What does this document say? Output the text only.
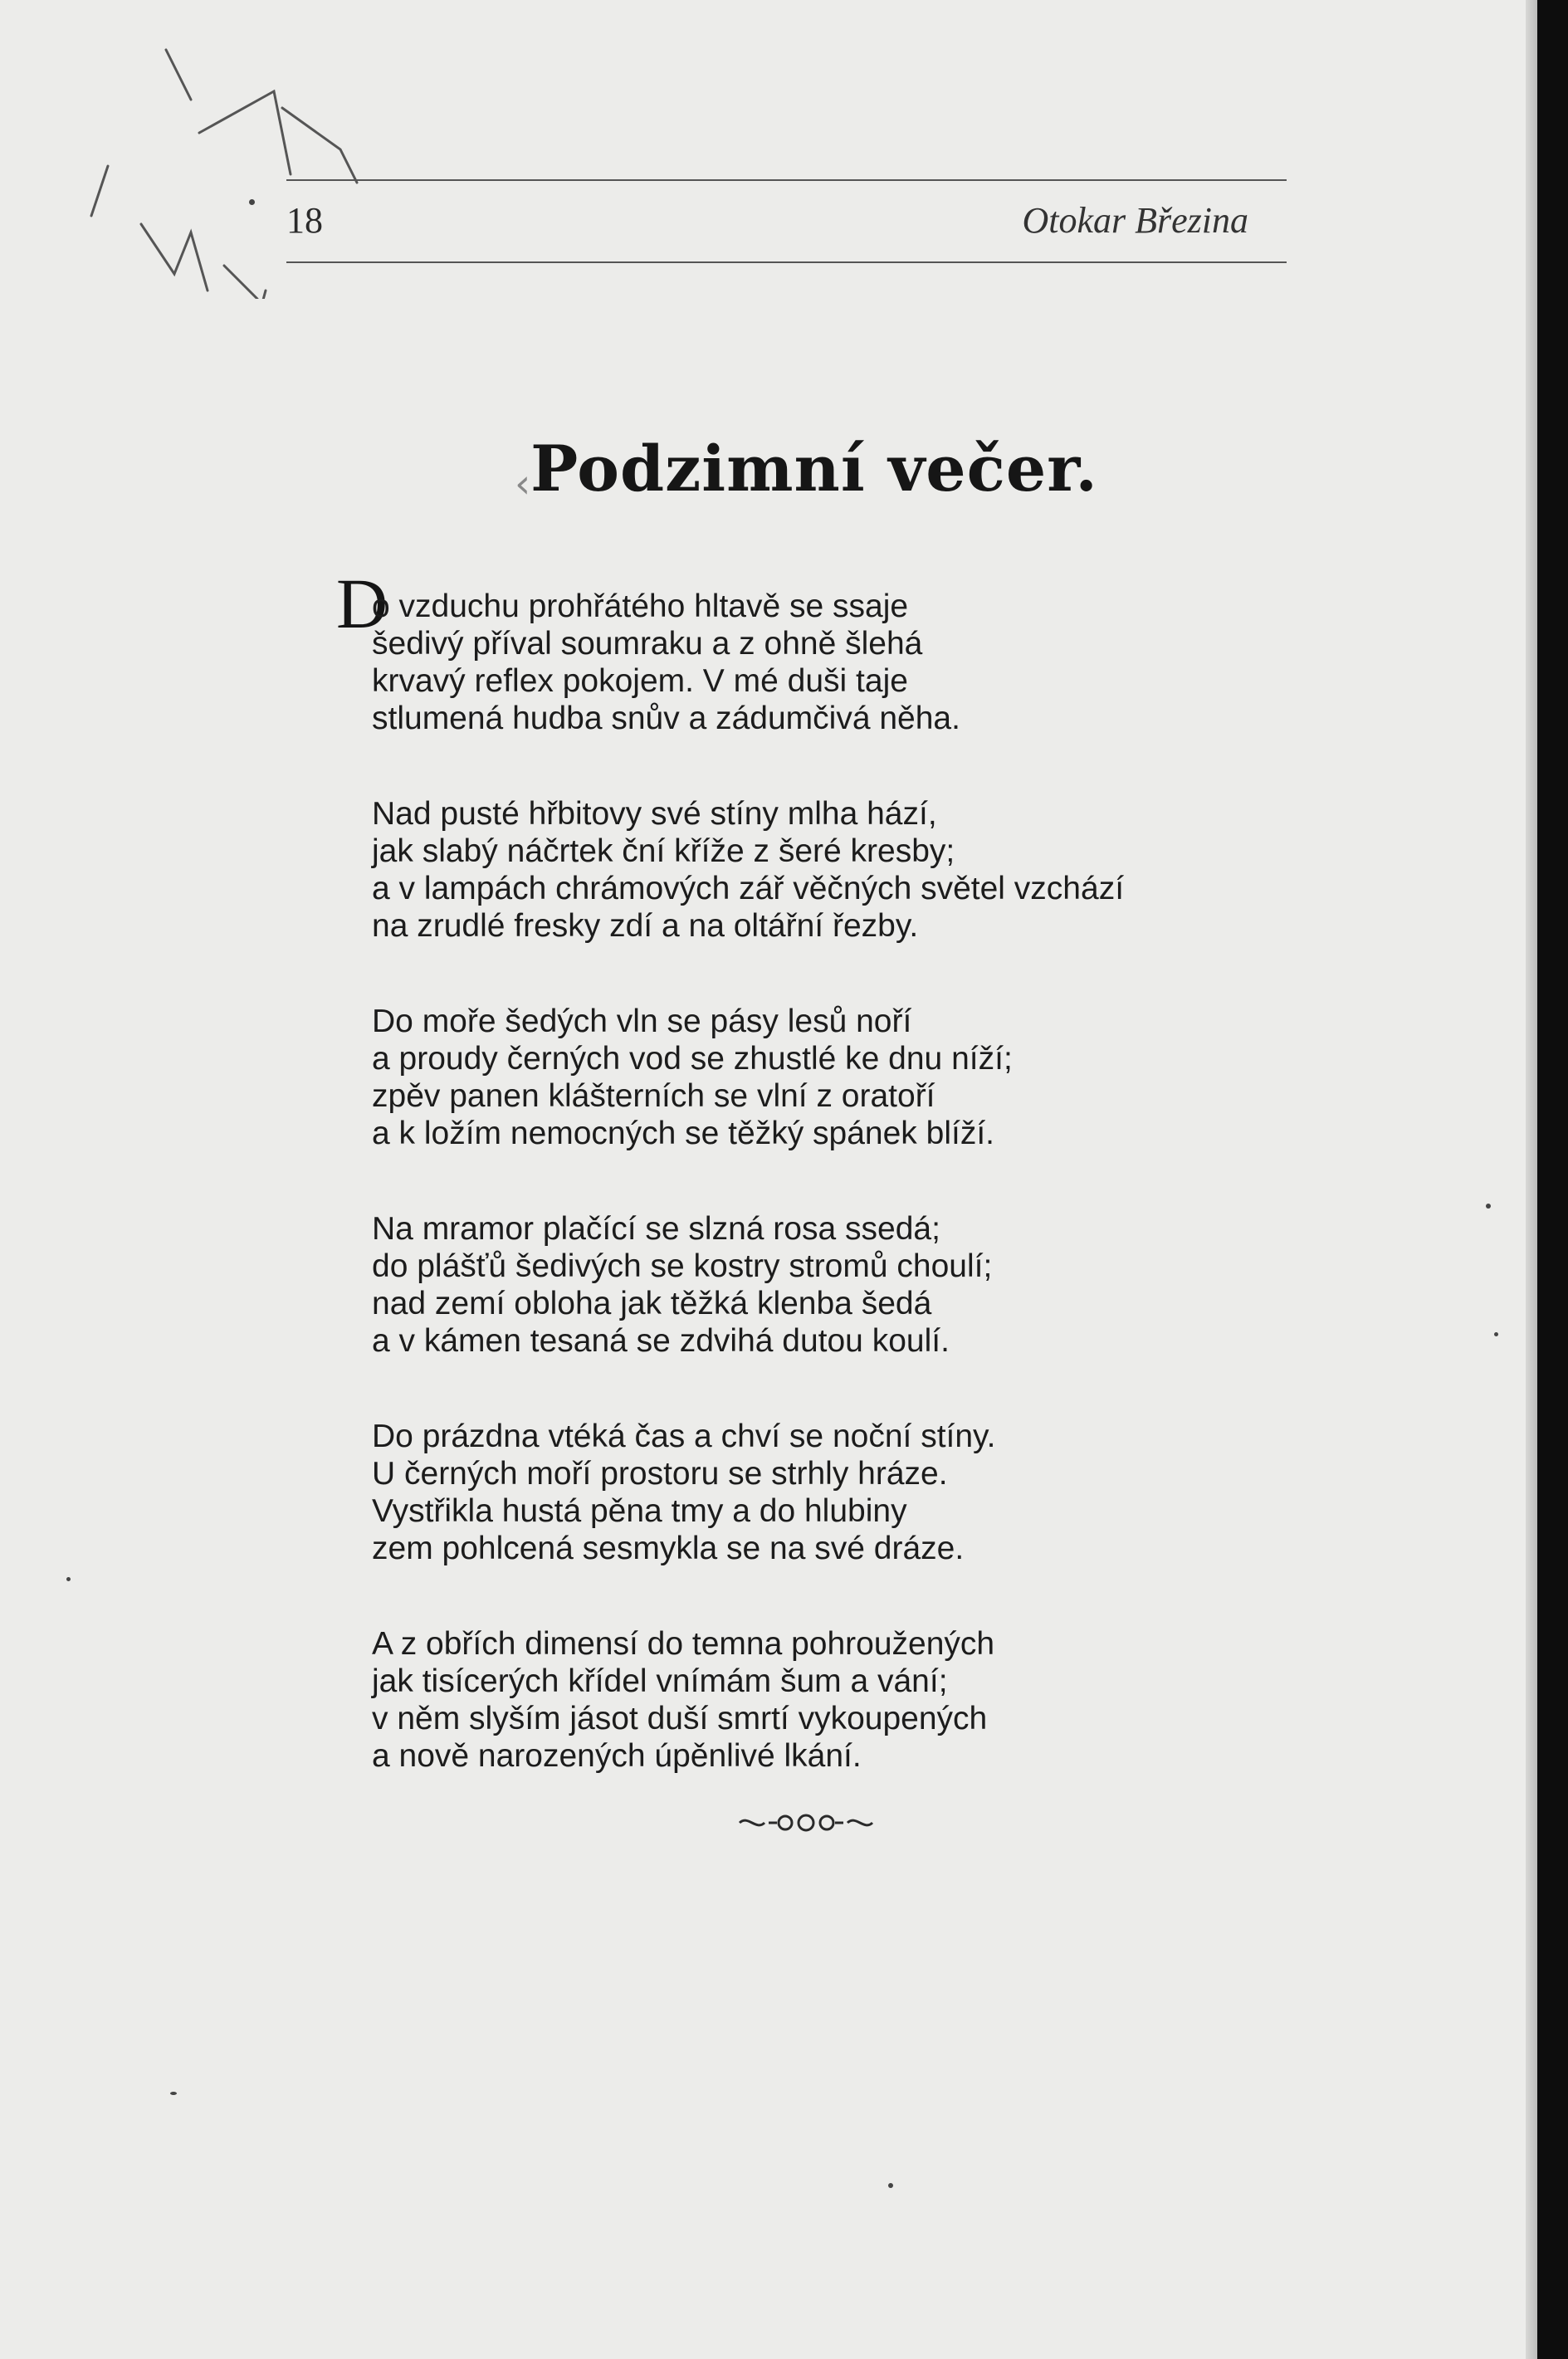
18	Otokar Březina
‹ Podzimní večer.
D
o vzduchu prohřátého hltavě se ssaje
šedivý příval soumraku a z ohně šlehá
krvavý reflex pokojem. V mé duši taje
stlumená hudba snův a zádumčivá něha.
Nad pusté hřbitovy své stíny mlha hází,
jak slabý náčrtek ční kříže z šeré kresby;
a v lampách chrámových zář věčných světel vzchází
na zrudlé fresky zdí a na oltářní řezby.
Do moře šedých vln se pásy lesů noří
a proudy černých vod se zhustlé ke dnu níží;
zpěv panen klášterních se vlní z oratoří
a k ložím nemocných se těžký spánek blíží.
Na mramor plačící se slzná rosa ssedá;
do plášťů šedivých se kostry stromů choulí;
nad zemí obloha jak těžká klenba šedá
a v kámen tesaná se zdvihá dutou koulí.
Do prázdna vtéká čas a chví se noční stíny.
U černých moří prostoru se strhly hráze.
Vystřikla hustá pěna tmy a do hlubiny
zem pohlcená sesmykla se na své dráze.
A z obřích dimensí do temna pohroužených
jak tisícerých křídel vnímám šum a vání;
v něm slyším jásot duší smrtí vykoupených
a nově narozených úpěnlivé lkání.
